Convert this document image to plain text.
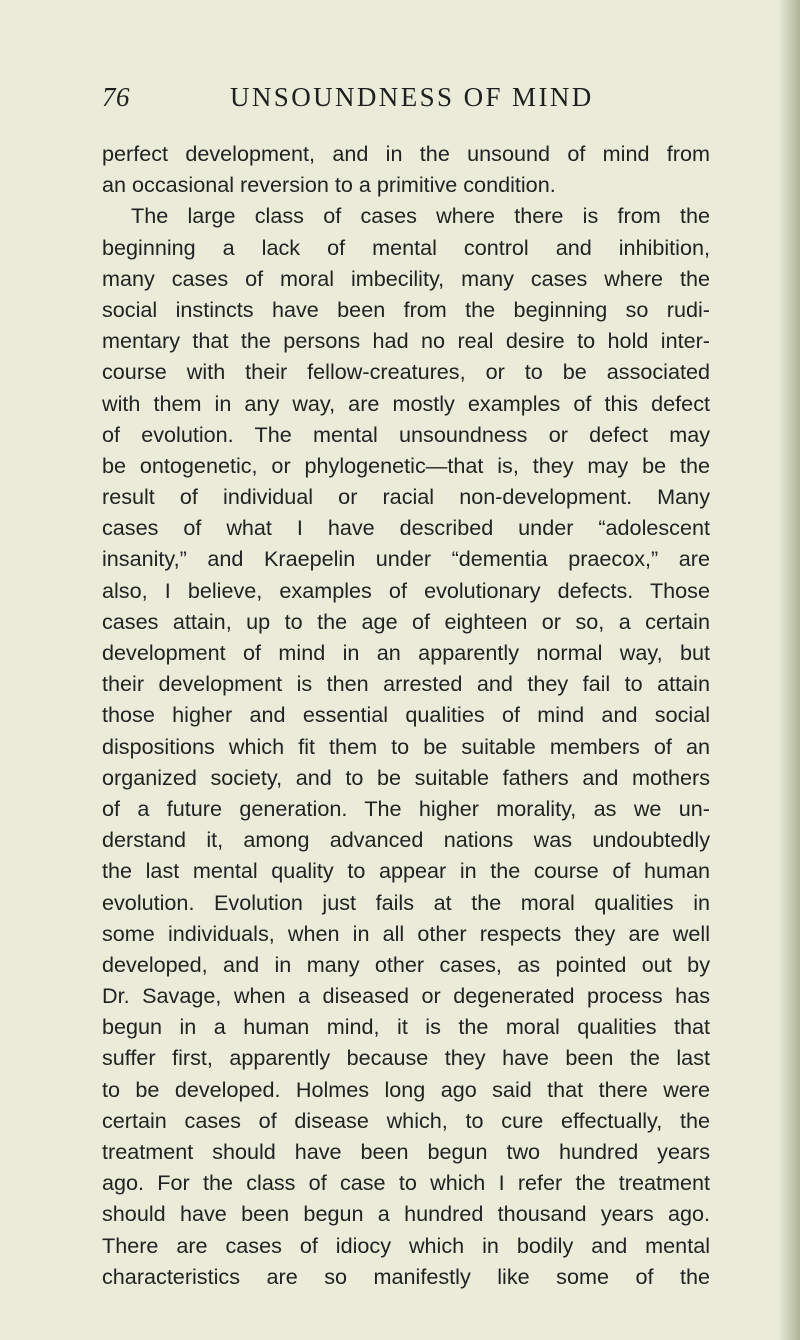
76	UNSOUNDNESS OF MIND
perfect development, and in the unsound of mind from
an occasional reversion to a primitive condition.
The large class of cases where there is from the
beginning a lack of mental control and inhibition,
many cases of moral imbecility, many cases where the
social instincts have been from the beginning so rudi-
mentary that the persons had no real desire to hold inter-
course with their fellow-creatures, or to be associated
with them in any way, are mostly examples of this defect
of evolution. The mental unsoundness or defect may
be ontogenetic, or phylogenetic—that is, they may be the
result of individual or racial non-development. Many
cases of what I have described under “adolescent
insanity,” and Kraepelin under “dementia praecox,” are
also, I believe, examples of evolutionary defects. Those
cases attain, up to the age of eighteen or so, a certain
development of mind in an apparently normal way, but
their development is then arrested and they fail to attain
those higher and essential qualities of mind and social
dispositions which fit them to be suitable members of an
organized society, and to be suitable fathers and mothers
of a future generation. The higher morality, as we un-
derstand it, among advanced nations was undoubtedly
the last mental quality to appear in the course of human
evolution. Evolution just fails at the moral qualities in
some individuals, when in all other respects they are well
developed, and in many other cases, as pointed out by
Dr. Savage, when a diseased or degenerated process has
begun in a human mind, it is the moral qualities that
suffer first, apparently because they have been the last
to be developed. Holmes long ago said that there were
certain cases of disease which, to cure effectually, the
treatment should have been begun two hundred years
ago. For the class of case to which I refer the treatment
should have been begun a hundred thousand years ago.
There are cases of idiocy which in bodily and mental
characteristics are so manifestly like some of the
